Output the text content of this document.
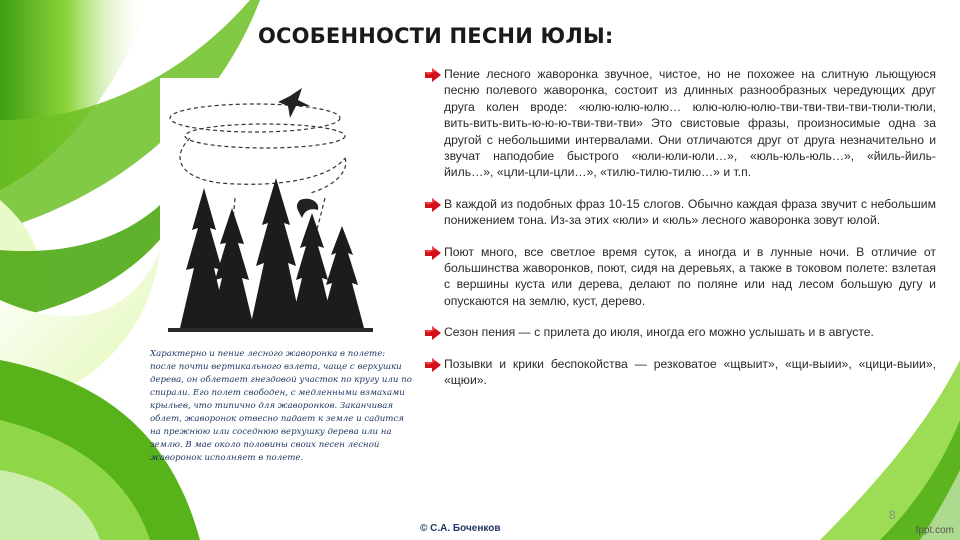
ОСОБЕННОСТИ ПЕСНИ ЮЛЫ:
Характерно и пение лесного жаворонка в полете: после почти вертикального взлета, чаще с верхушки дерева, он облетает гнездовой участок по кругу или по спирали. Его полет свободен, с медленными взмахами крыльев, что типично для жаворонков. Заканчивая облет, жаворонок отвесно падает к земле и садится на прежнюю или соседнюю верхушку дерева или на землю. В мае около половины своих песен лесной жаворонок исполняет в полете.
Пение лесного жаворонка звучное, чистое, но не похожее на слитную льющуюся песню полевого жаворонка, состоит из длинных разнообразных чередующих друг друга колен вроде: «юлю-юлю-юлю… юлю-юлю-юлю-тви-тви-тви-тви-тюли-тюли, вить-вить-вить-ю-ю-ю-тви-тви-тви» Это свистовые фразы, произносимые одна за другой с небольшими интервалами. Они отличаются друг от друга незначительно и звучат наподобие быстрого «юли-юли-юли…», «юль-юль-юль…», «йиль-йиль-йиль…», «цли-цли-цли…», «тилю-тилю-тилю…» и т.п.
В каждой из подобных фраз 10-15 слогов. Обычно каждая фраза звучит с небольшим понижением тона. Из-за этих «юли» и «юль» лесного жаворонка зовут юлой.
Поют много, все светлое время суток, а иногда и в лунные ночи. В отличие от большинства жаворонков, поют, сидя на деревьях, а также в токовом полете: взлетая с вершины куста или дерева, делают по поляне или над лесом большую дугу и опускаются на землю, куст, дерево.
Сезон пения — с прилета до июля, иногда его можно услышать и в августе.
Позывки и крики беспокойства — резковатое «щвыит», «щи-выии», «цици-выии», «щюи».
8
© С.А. Боченков	fppt.com
